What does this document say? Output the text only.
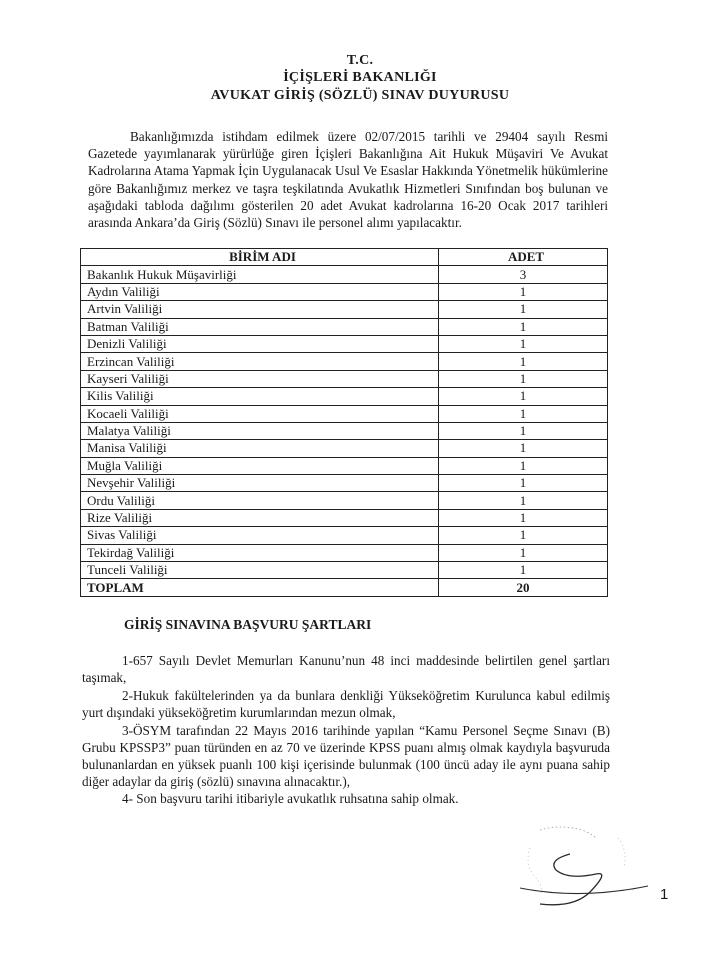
T.C.
İÇİŞLERİ BAKANLIĞI
AVUKAT GİRİŞ (SÖZLÜ) SINAV DUYURUSU

Bakanlığımızda istihdam edilmek üzere 02/07/2015 tarihli ve 29404 sayılı Resmi Gazetede yayımlanarak yürürlüğe giren İçişleri Bakanlığına Ait Hukuk Müşaviri Ve Avukat Kadrolarına Atama Yapmak İçin Uygulanacak Usul Ve Esaslar Hakkında Yönetmelik hükümlerine göre Bakanlığımız merkez ve taşra teşkilatında Avukatlık Hizmetleri Sınıfından boş bulunan ve aşağıdaki tabloda dağılımı gösterilen 20 adet Avukat kadrolarına 16-20 Ocak 2017 tarihleri arasında Ankara’da Giriş (Sözlü) Sınavı ile personel alımı yapılacaktır.

BİRİM ADI	ADET
Bakanlık Hukuk Müşavirliği	3
Aydın Valiliği	1
Artvin Valiliği	1
Batman Valiliği	1
Denizli Valiliği	1
Erzincan Valiliği	1
Kayseri Valiliği	1
Kilis Valiliği	1
Kocaeli Valiliği	1
Malatya Valiliği	1
Manisa Valiliği	1
Muğla Valiliği	1
Nevşehir Valiliği	1
Ordu Valiliği	1
Rize Valiliği	1
Sivas Valiliği	1
Tekirdağ Valiliği	1
Tunceli Valiliği	1
TOPLAM	20
GİRİŞ SINAVINA BAŞVURU ŞARTLARI

1-657 Sayılı Devlet Memurları Kanunu’nun 48 inci maddesinde belirtilen genel şartları taşımak,

2-Hukuk fakültelerinden ya da bunlara denkliği Yükseköğretim Kurulunca kabul edilmiş yurt dışındaki yükseköğretim kurumlarından mezun olmak,

3-ÖSYM tarafından 22 Mayıs 2016 tarihinde yapılan “Kamu Personel Seçme Sınavı (B) Grubu KPSSP3” puan türünden en az 70 ve üzerinde KPSS puanı almış olmak kaydıyla başvuruda bulunanlardan en yüksek puanlı 100 kişi içerisinde bulunmak (100 üncü aday ile aynı puana sahip diğer adaylar da giriş (sözlü) sınavına alınacaktır.),

4- Son başvuru tarihi itibariyle avukatlık ruhsatına sahip olmak.

1
